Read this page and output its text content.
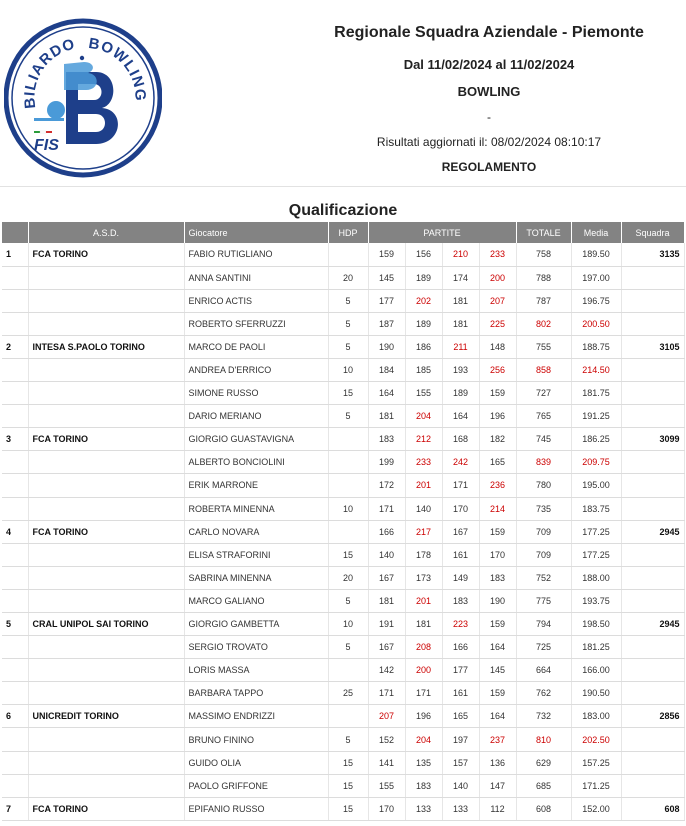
BILIARDO BOWLING
FIS
Regionale Squadra Aziendale - Piemonte
Dal 11/02/2024 al 11/02/2024
BOWLING
-
Risultati aggiornati il: 08/02/2024 08:10:17
REGOLAMENTO
Qualificazione
	A.S.D.	Giocatore	HDP	PARTITE				TOTALE	Media	Squadra
1	FCA TORINO	FABIO RUTIGLIANO		159	156	210	233	758	189.50	3135
		ANNA SANTINI	20	145	189	174	200	788	197.00	
		ENRICO ACTIS	5	177	202	181	207	787	196.75	
		ROBERTO SFERRUZZI	5	187	189	181	225	802	200.50	
2	INTESA S.PAOLO TORINO	MARCO DE PAOLI	5	190	186	211	148	755	188.75	3105
		ANDREA D'ERRICO	10	184	185	193	256	858	214.50	
		SIMONE RUSSO	15	164	155	189	159	727	181.75	
		DARIO MERIANO	5	181	204	164	196	765	191.25	
3	FCA TORINO	GIORGIO GUASTAVIGNA		183	212	168	182	745	186.25	3099
		ALBERTO BONCIOLINI		199	233	242	165	839	209.75	
		ERIK MARRONE		172	201	171	236	780	195.00	
		ROBERTA MINENNA	10	171	140	170	214	735	183.75	
4	FCA TORINO	CARLO NOVARA		166	217	167	159	709	177.25	2945
		ELISA STRAFORINI	15	140	178	161	170	709	177.25	
		SABRINA MINENNA	20	167	173	149	183	752	188.00	
		MARCO GALIANO	5	181	201	183	190	775	193.75	
5	CRAL UNIPOL SAI TORINO	GIORGIO GAMBETTA	10	191	181	223	159	794	198.50	2945
		SERGIO TROVATO	5	167	208	166	164	725	181.25	
		LORIS MASSA		142	200	177	145	664	166.00	
		BARBARA TAPPO	25	171	171	161	159	762	190.50	
6	UNICREDIT TORINO	MASSIMO ENDRIZZI		207	196	165	164	732	183.00	2856
		BRUNO FININO	5	152	204	197	237	810	202.50	
		GUIDO OLIA	15	141	135	157	136	629	157.25	
		PAOLO GRIFFONE	15	155	183	140	147	685	171.25	
7	FCA TORINO	EPIFANIO RUSSO	15	170	133	133	112	608	152.00	608
